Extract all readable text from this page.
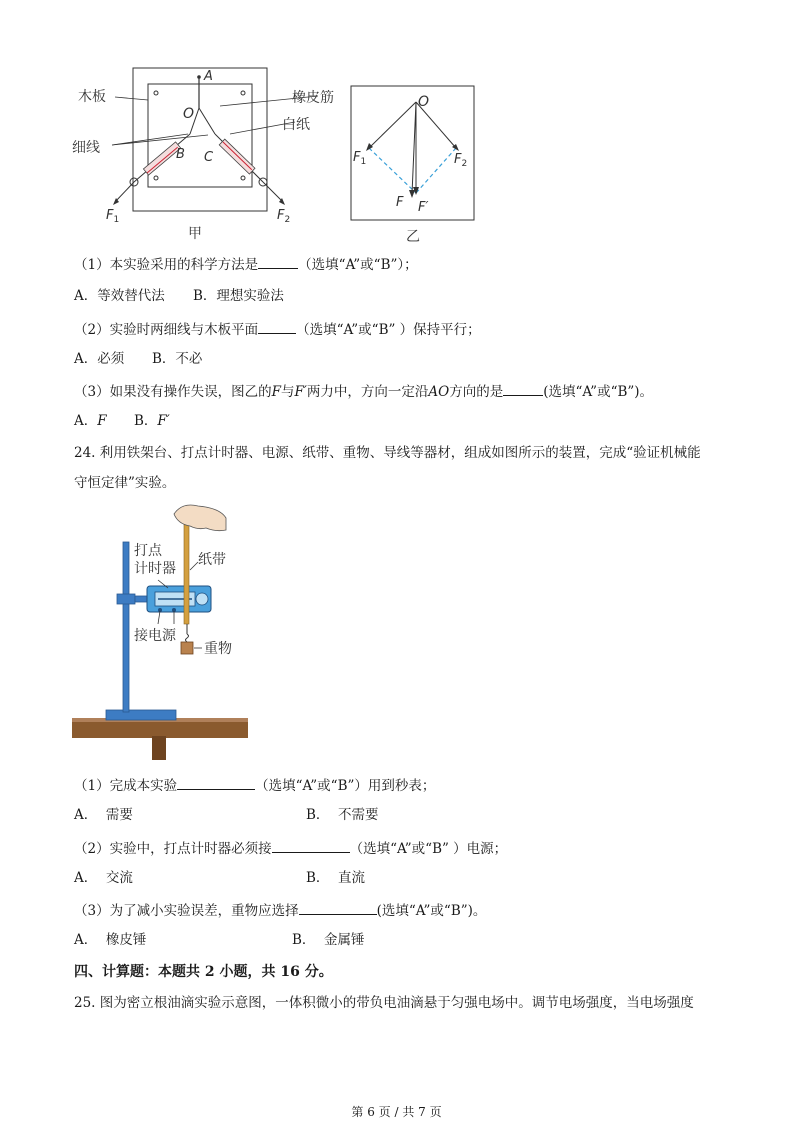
木板
细线
橡皮筋
白纸
A
O
B C
$F_1$	$F_2$
甲
O
$F_1$	$F_2$
F F′
乙
（1）本实验采用的科学方法是	（选填“A”或“B”）；
A．等效替代法 B．理想实验法
（2）实验时两细线与木板平面	（选填“A”或“B” ）保持平行；
A．必须 B．不必
（3）如果没有操作失误，图乙的F与F′两力中，方向一定沿AO方向的是	(选填“A”或“B”)。
A．F B．F′
24. 利用铁架台、打点计时器、电源、纸带、重物、导线等器材，组成如图所示的装置，完成“验证机械能
守恒定律”实验。
打点
计时器
纸带
接电源
重物
（1）完成本实验	（选填“A”或“B”）用到秒表；
A． 需要	B． 不需要
（2）实验中，打点计时器必须接	（选填“A”或“B” ）电源；
A． 交流	B． 直流
（3）为了减小实验误差，重物应选择	(选填“A”或“B”)。
A． 橡皮锤	B． 金属锤
四、计算题：本题共 2 小题，共 16 分。
25. 图为密立根油滴实验示意图，一体积微小的带负电油滴悬于匀强电场中。调节电场强度，当电场强度
第 6 页 / 共 7 页
